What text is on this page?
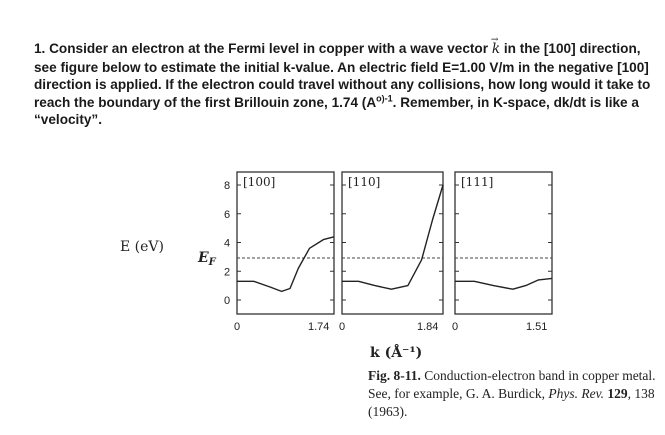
1. Consider an electron at the Fermi level in copper with a wave vector → k in the [100] direction, see figure below to estimate the initial k-value. An electric field E=1.00 V/m in the negative [100] direction is applied. If the electron could travel without any collisions, how long would it take to reach the boundary of the first Brillouin zone, 1.74 ($A^{o)-1}$. Remember, in K-space, dk/dt is like a “velocity”.

[100]
0	1.74
[110]
0	1.84
[111]
0	1.51
8
6
4
2
0
E (eV)
$E_F$
k (Å⁻¹)
Fig. 8-11. Conduction-electron band in copper metal. See, for example, G. A. Burdick, Phys. Rev. 129, 138 (1963).
